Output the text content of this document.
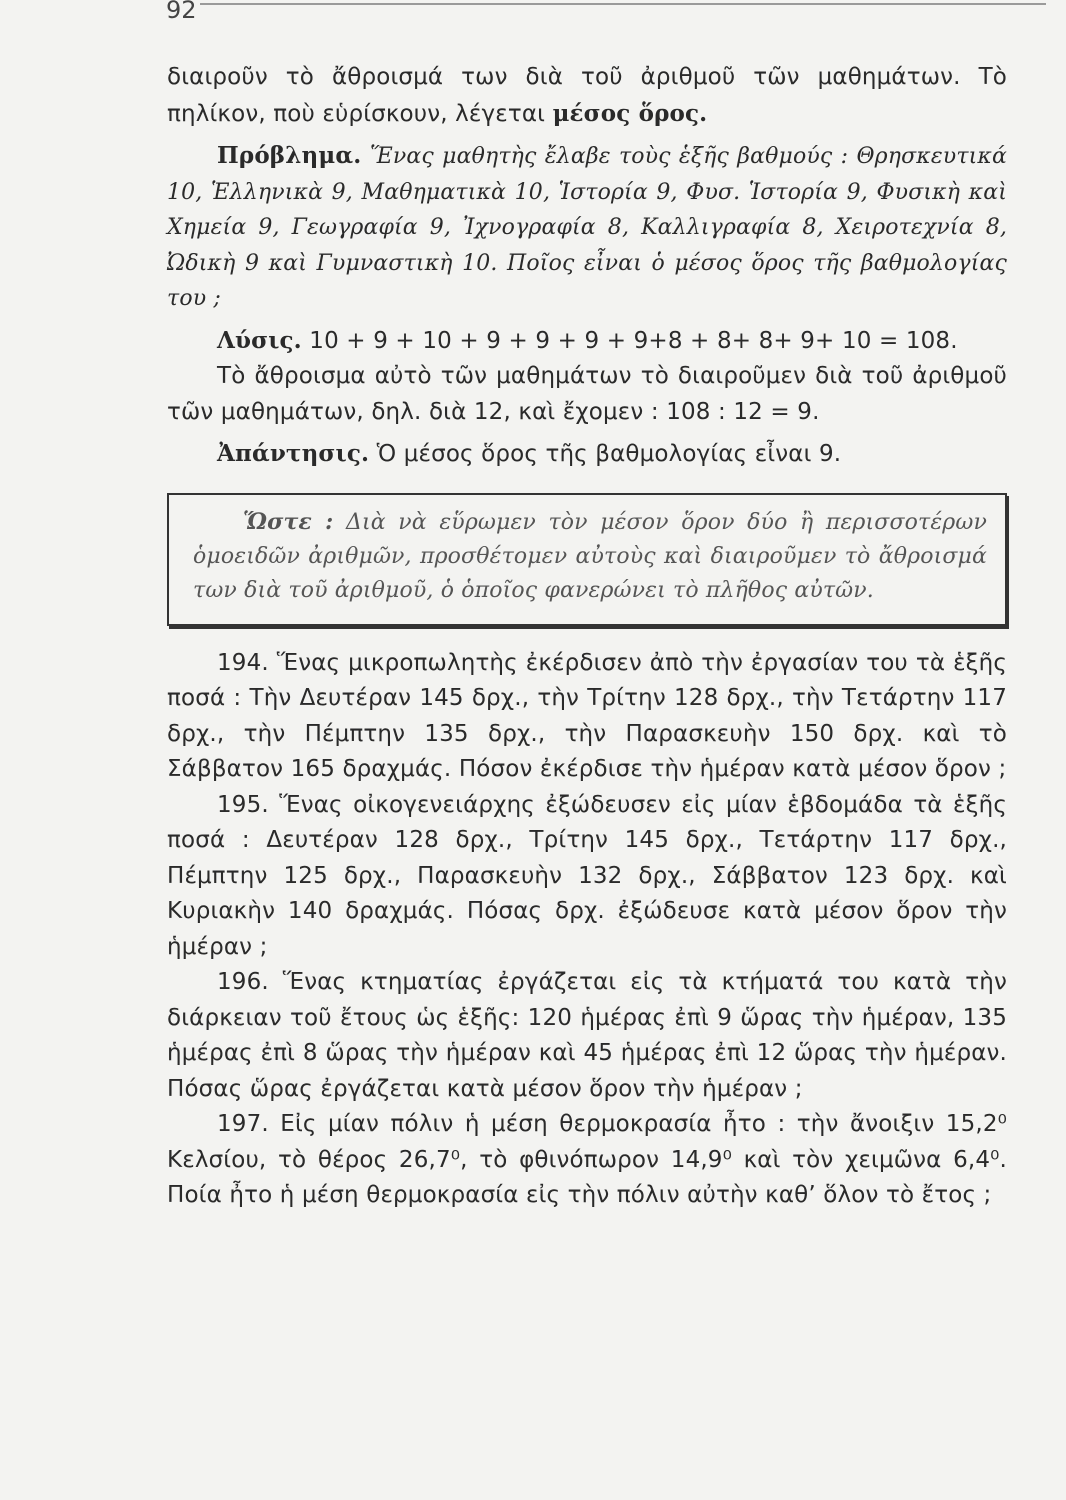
92

διαιροῦν τὸ ἄθροισμά των διὰ τοῦ ἀριθμοῦ τῶν μαθημάτων. Τὸ πηλίκον, ποὺ εὑρίσκουν, λέγεται μέσος ὅρος.

Πρόβλημα. Ἕνας μαθητὴς ἔλαβε τοὺς ἑξῆς βαθμούς : Θρησκευτικά 10, Ἑλληνικὰ 9, Μαθηματικὰ 10, Ἱστορία 9, Φυσ. Ἱστορία 9, Φυσικὴ καὶ Χημεία 9, Γεωγραφία 9, Ἰχνογραφία 8, Καλλιγραφία 8, Χειροτεχνία 8, Ὠδικὴ 9 καὶ Γυμναστικὴ 10. Ποῖος εἶναι ὁ μέσος ὅρος τῆς βαθμολογίας του ;

Λύσις. 10 + 9 + 10 + 9 + 9 + 9 + 9+8 + 8+ 8+ 9+ 10 = 108.

Τὸ ἄθροισμα αὐτὸ τῶν μαθημάτων τὸ διαιροῦμεν διὰ τοῦ ἀριθμοῦ τῶν μαθημάτων, δηλ. διὰ 12, καὶ ἔχομεν : 108 : 12 = 9.

Ἀπάντησις. Ὁ μέσος ὅρος τῆς βαθμολογίας εἶναι 9.

Ὥστε : Διὰ νὰ εὕρωμεν τὸν μέσον ὅρον δύο ἢ περισσοτέρων ὁμοειδῶν ἀριθμῶν, προσθέτομεν αὐτοὺς καὶ διαιροῦμεν τὸ ἄθροισμά των διὰ τοῦ ἀριθμοῦ, ὁ ὁποῖος φανερώνει τὸ πλῆθος αὐτῶν.

194. Ἕνας μικροπωλητὴς ἐκέρδισεν ἀπὸ τὴν ἐργασίαν του τὰ ἑξῆς ποσά : Τὴν Δευτέραν 145 δρχ., τὴν Τρίτην 128 δρχ., τὴν Τετάρτην 117 δρχ., τὴν Πέμπτην 135 δρχ., τὴν Παρασκευὴν 150 δρχ. καὶ τὸ Σάββατον 165 δραχμάς. Πόσον ἐκέρδισε τὴν ἡμέραν κατὰ μέσον ὅρον ;

195. Ἕνας οἰκογενειάρχης ἐξώδευσεν εἰς μίαν ἑβδομάδα τὰ ἑξῆς ποσά : Δευτέραν 128 δρχ., Τρίτην 145 δρχ., Τετάρτην 117 δρχ., Πέμπτην 125 δρχ., Παρασκευὴν 132 δρχ., Σάββατον 123 δρχ. καὶ Κυριακὴν 140 δραχμάς. Πόσας δρχ. ἐξώδευσε κατὰ μέσον ὅρον τὴν ἡμέραν ;

196. Ἕνας κτηματίας ἐργάζεται εἰς τὰ κτήματά του κατὰ τὴν διάρκειαν τοῦ ἔτους ὡς ἑξῆς: 120 ἡμέρας ἐπὶ 9 ὥρας τὴν ἡμέραν, 135 ἡμέρας ἐπὶ 8 ὥρας τὴν ἡμέραν καὶ 45 ἡμέρας ἐπὶ 12 ὥρας τὴν ἡμέραν. Πόσας ὥρας ἐργάζεται κατὰ μέσον ὅρον τὴν ἡμέραν ;

197. Εἰς μίαν πόλιν ἡ μέση θερμοκρασία ἦτο : τὴν ἄνοιξιν 15,2⁰ Κελσίου, τὸ θέρος 26,7⁰, τὸ φθινόπωρον 14,9⁰ καὶ τὸν χειμῶνα 6,4⁰. Ποία ἦτο ἡ μέση θερμοκρασία εἰς τὴν πόλιν αὐτὴν καθ’ ὅλον τὸ ἔτος ;
